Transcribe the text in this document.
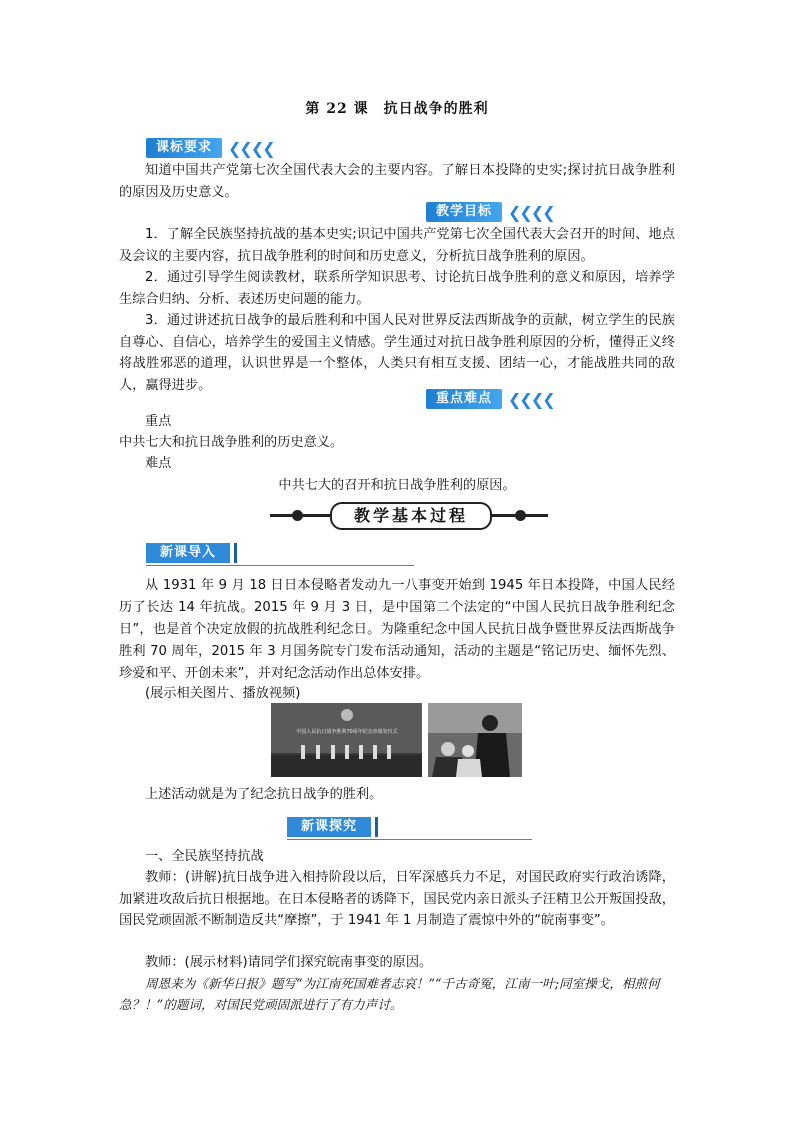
第 22 课　抗日战争的胜利
课标要求	❮❮❮❮
知道中国共产党第七次全国代表大会的主要内容。了解日本投降的史实;探讨抗日战争胜利的原因及历史意义。
教学目标	❮❮❮❮
1．了解全民族坚持抗战的基本史实;识记中国共产党第七次全国代表大会召开的时间、地点及会议的主要内容，抗日战争胜利的时间和历史意义，分析抗日战争胜利的原因。
2．通过引导学生阅读教材，联系所学知识思考、讨论抗日战争胜利的意义和原因，培养学生综合归纳、分析、表述历史问题的能力。
3．通过讲述抗日战争的最后胜利和中国人民对世界反法西斯战争的贡献，树立学生的民族自尊心、自信心，培养学生的爱国主义情感。学生通过对抗日战争胜利原因的分析，懂得正义终将战胜邪恶的道理，认识世界是一个整体，人类只有相互支援、团结一心，才能战胜共同的敌人，赢得进步。
重点难点	❮❮❮❮
重点
中共七大和抗日战争胜利的历史意义。
难点
中共七大的召开和抗日战争胜利的原因。
教学基本过程
新课导入
从 1931 年 9 月 18 日日本侵略者发动九一八事变开始到 1945 年日本投降，中国人民经历了长达 14 年抗战。2015 年 9 月 3 日，是中国第二个法定的“中国人民抗日战争胜利纪念日”，也是首个决定放假的抗战胜利纪念日。为隆重纪念中国人民抗日战争暨世界反法西斯战争胜利 70 周年，2015 年 3 月国务院专门发布活动通知，活动的主题是“铭记历史、缅怀先烈、珍爱和平、开创未来”，并对纪念活动作出总体安排。
(展示相关图片、播放视频)
中国人民抗日战争胜利70周年纪念章颁发仪式
上述活动就是为了纪念抗日战争的胜利。
新课探究
一、全民族坚持抗战
教师：(讲解)抗日战争进入相持阶段以后，日军深感兵力不足，对国民政府实行政治诱降，加紧进攻敌后抗日根据地。在日本侵略者的诱降下，国民党内亲日派头子汪精卫公开叛国投敌，国民党顽固派不断制造反共“摩擦”，于 1941 年 1 月制造了震惊中外的“皖南事变”。
教师：(展示材料)请同学们探究皖南事变的原因。
周恩来为《新华日报》题写“为江南死国难者志哀！”“千古奇冤，江南一叶;同室操戈，相煎何急？！”的题词，对国民党顽固派进行了有力声讨。
